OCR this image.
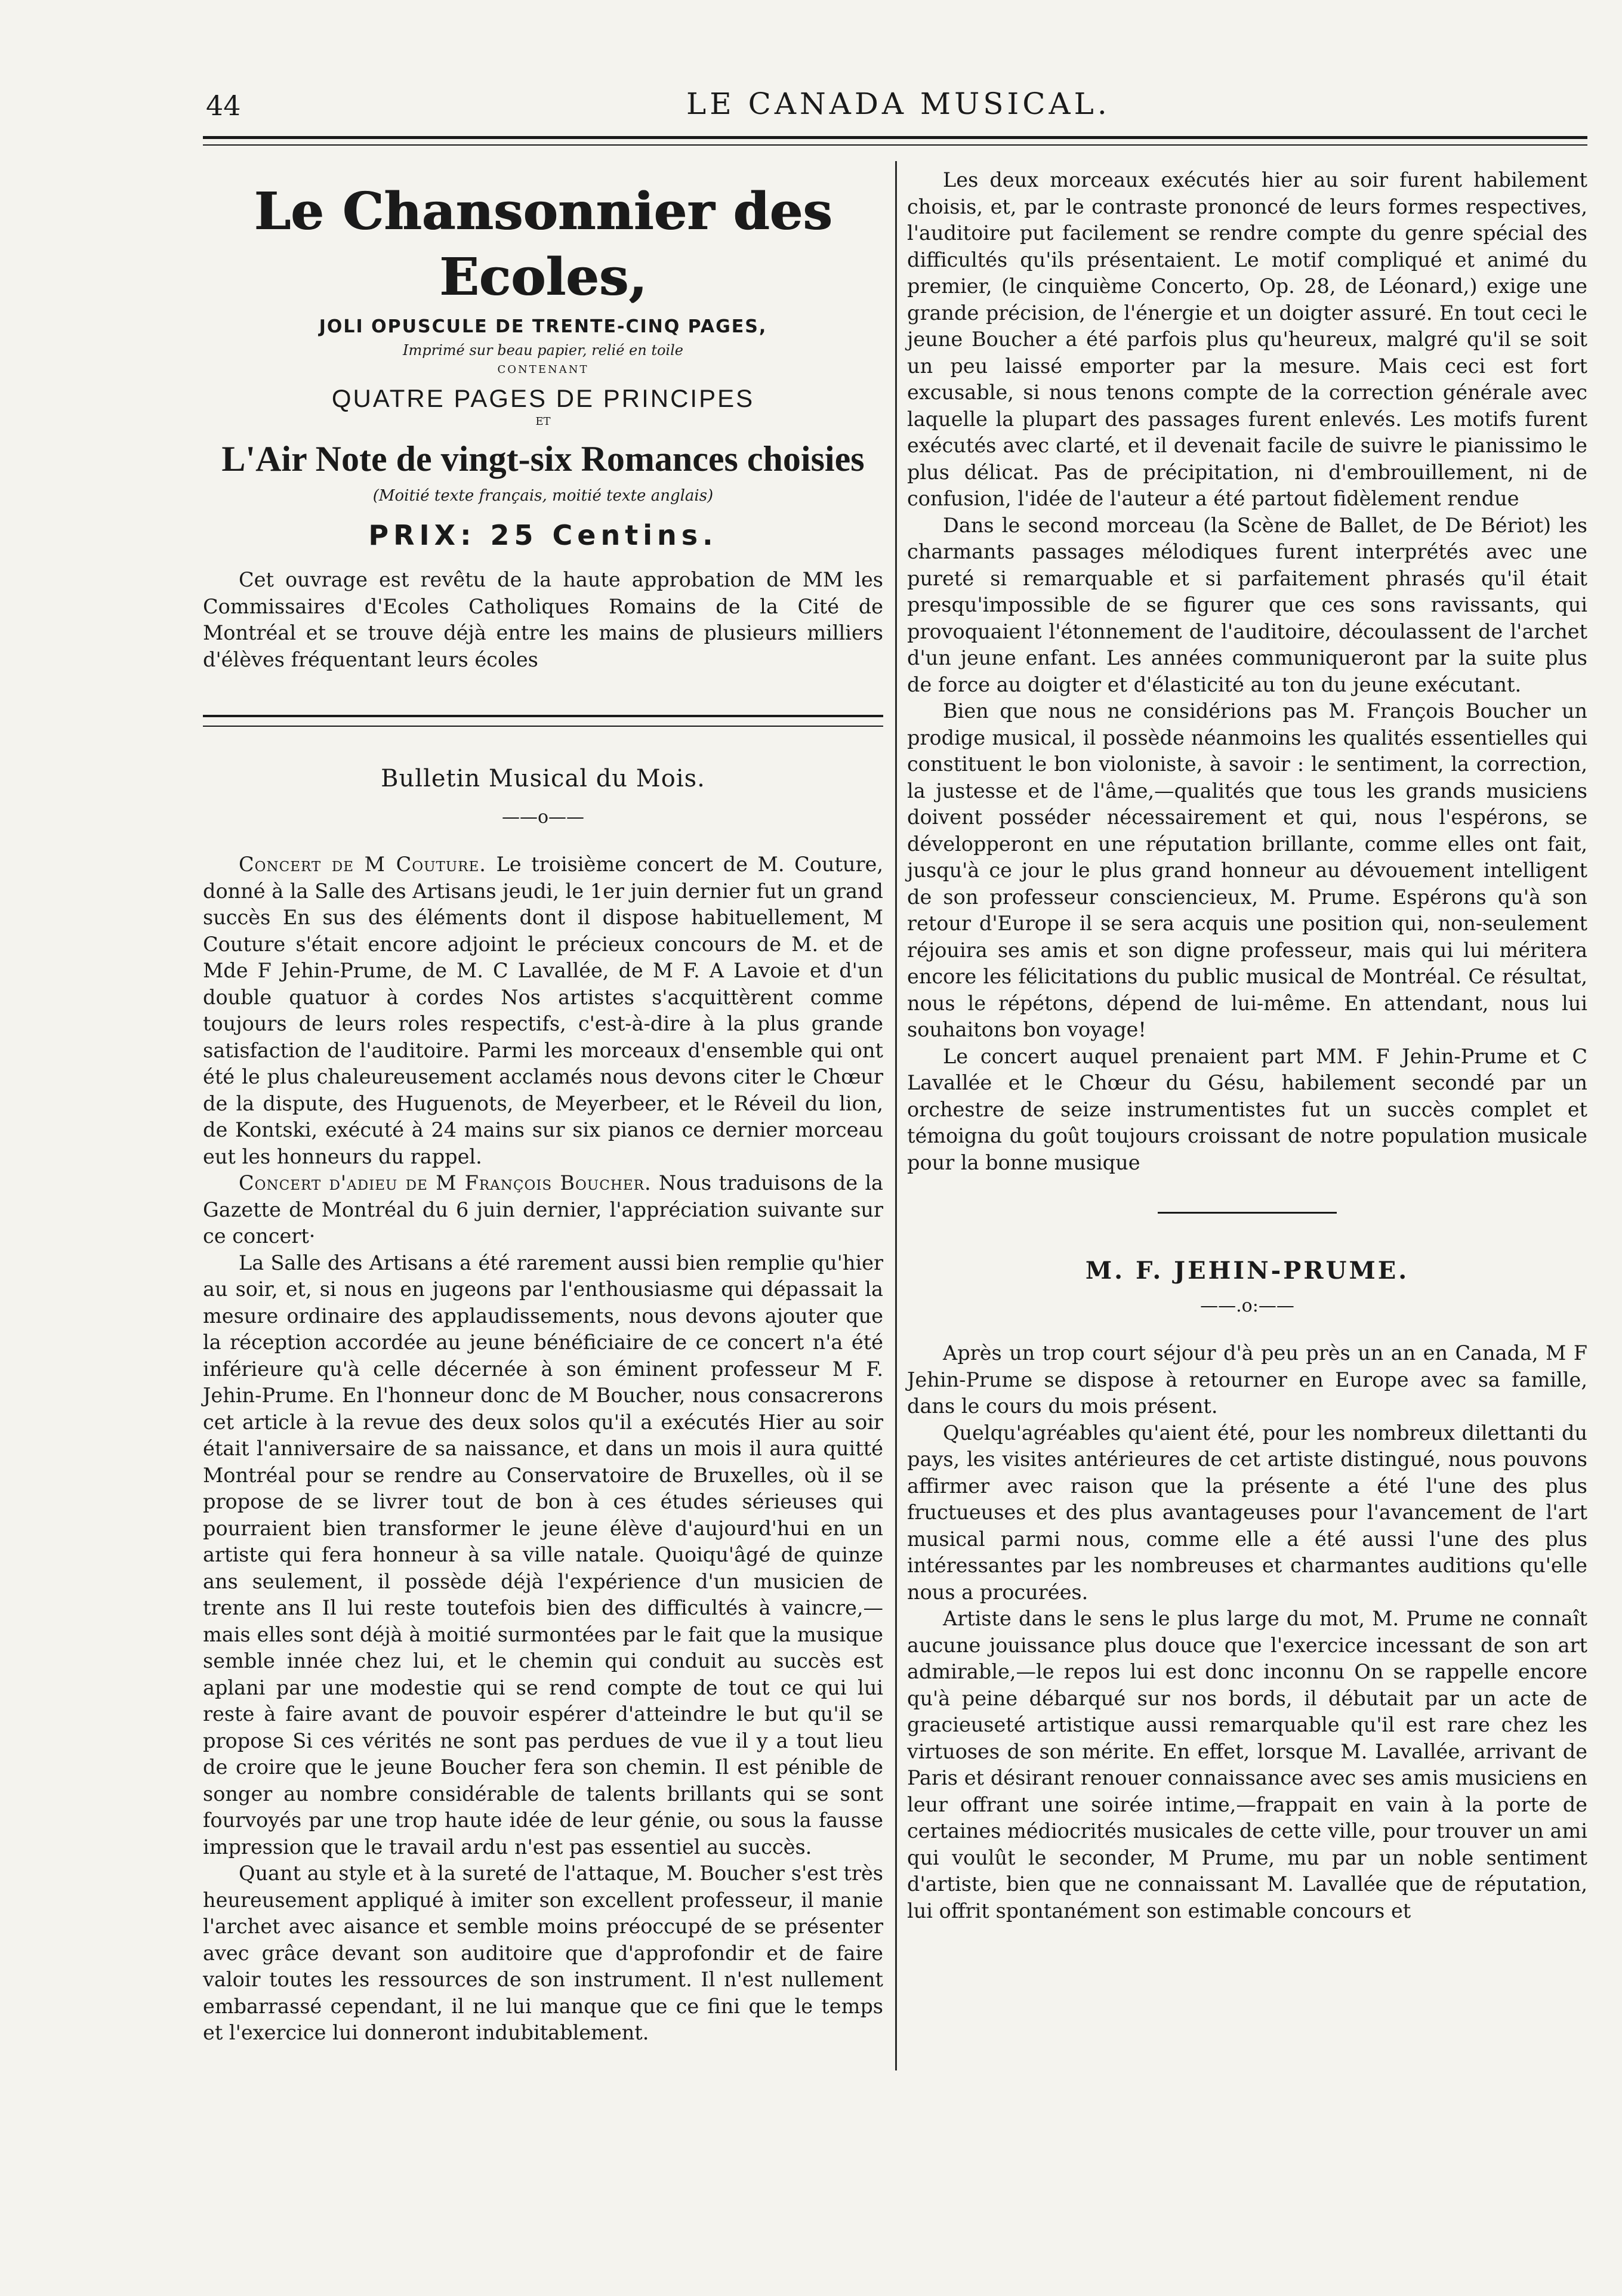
44	LE CANADA MUSICAL.
Le Chansonnier des Ecoles,
JOLI OPUSCULE DE TRENTE-CINQ PAGES,
Imprimé sur beau papier, relié en toile
CONTENANT
QUATRE PAGES DE PRINCIPES
ET
L'Air Note de vingt-six Romances choisies
(Moitié texte français, moitié texte anglais)
PRIX: 25 Centins.

Cet ouvrage est revêtu de la haute approbation de MM les Commissaires d'Ecoles Catholiques Romains de la Cité de Montréal et se trouve déjà entre les mains de plusieurs milliers d'élèves fréquentant leurs écoles

Bulletin Musical du Mois.
——o——

Concert de M Couture. Le troisième concert de M. Couture, donné à la Salle des Artisans jeudi, le 1er juin dernier fut un grand succès En sus des éléments dont il dispose habituellement, M Couture s'était encore adjoint le précieux concours de M. et de Mde F Jehin-Prume, de M. C Lavallée, de M F. A Lavoie et d'un double quatuor à cordes Nos artistes s'acquittèrent comme toujours de leurs roles respectifs, c'est-à-dire à la plus grande satisfaction de l'auditoire. Parmi les morceaux d'ensemble qui ont été le plus chaleureusement acclamés nous devons citer le Chœur de la dispute, des Huguenots, de Meyerbeer, et le Réveil du lion, de Kontski, exécuté à 24 mains sur six pianos ce dernier morceau eut les honneurs du rappel.

Concert d'adieu de M François Boucher. Nous traduisons de la Gazette de Montréal du 6 juin dernier, l'appréciation suivante sur ce concert·

La Salle des Artisans a été rarement aussi bien remplie qu'hier au soir, et, si nous en jugeons par l'enthousiasme qui dépassait la mesure ordinaire des applaudissements, nous devons ajouter que la réception accordée au jeune bénéficiaire de ce concert n'a été inférieure qu'à celle décernée à son éminent professeur M F. Jehin-Prume. En l'honneur donc de M Boucher, nous consacrerons cet article à la revue des deux solos qu'il a exécutés Hier au soir était l'anniversaire de sa naissance, et dans un mois il aura quitté Montréal pour se rendre au Conservatoire de Bruxelles, où il se propose de se livrer tout de bon à ces études sérieuses qui pourraient bien transformer le jeune élève d'aujourd'hui en un artiste qui fera honneur à sa ville natale. Quoiqu'âgé de quinze ans seulement, il possède déjà l'expérience d'un musicien de trente ans Il lui reste toutefois bien des difficultés à vaincre,—mais elles sont déjà à moitié surmontées par le fait que la musique semble innée chez lui, et le chemin qui conduit au succès est aplani par une modestie qui se rend compte de tout ce qui lui reste à faire avant de pouvoir espérer d'atteindre le but qu'il se propose Si ces vérités ne sont pas perdues de vue il y a tout lieu de croire que le jeune Boucher fera son chemin. Il est pénible de songer au nombre considérable de talents brillants qui se sont fourvoyés par une trop haute idée de leur génie, ou sous la fausse impression que le travail ardu n'est pas essentiel au succès.

Quant au style et à la sureté de l'attaque, M. Boucher s'est très heureusement appliqué à imiter son excellent professeur, il manie l'archet avec aisance et semble moins préoccupé de se présenter avec grâce devant son auditoire que d'approfondir et de faire valoir toutes les ressources de son instrument. Il n'est nullement embarrassé cependant, il ne lui manque que ce fini que le temps et l'exercice lui donneront indubitablement.

Les deux morceaux exécutés hier au soir furent habilement choisis, et, par le contraste prononcé de leurs formes respectives, l'auditoire put facilement se rendre compte du genre spécial des difficultés qu'ils présentaient. Le motif compliqué et animé du premier, (le cinquième Concerto, Op. 28, de Léonard,) exige une grande précision, de l'énergie et un doigter assuré. En tout ceci le jeune Boucher a été parfois plus qu'heureux, malgré qu'il se soit un peu laissé emporter par la mesure. Mais ceci est fort excusable, si nous tenons compte de la correction générale avec laquelle la plupart des passages furent enlevés. Les motifs furent exécutés avec clarté, et il devenait facile de suivre le pianissimo le plus délicat. Pas de précipitation, ni d'embrouillement, ni de confusion, l'idée de l'auteur a été partout fidèlement rendue

Dans le second morceau (la Scène de Ballet, de De Bériot) les charmants passages mélodiques furent interprétés avec une pureté si remarquable et si parfaitement phrasés qu'il était presqu'impossible de se figurer que ces sons ravissants, qui provoquaient l'étonnement de l'auditoire, découlassent de l'archet d'un jeune enfant. Les années communiqueront par la suite plus de force au doigter et d'élasticité au ton du jeune exécutant.

Bien que nous ne considérions pas M. François Boucher un prodige musical, il possède néanmoins les qualités essentielles qui constituent le bon violoniste, à savoir : le sentiment, la correction, la justesse et de l'âme,—qualités que tous les grands musiciens doivent posséder nécessairement et qui, nous l'espérons, se développeront en une réputation brillante, comme elles ont fait, jusqu'à ce jour le plus grand honneur au dévouement intelligent de son professeur consciencieux, M. Prume. Espérons qu'à son retour d'Europe il se sera acquis une position qui, non-seulement réjouira ses amis et son digne professeur, mais qui lui méritera encore les félicitations du public musical de Montréal. Ce résultat, nous le répétons, dépend de lui-même. En attendant, nous lui souhaitons bon voyage!

Le concert auquel prenaient part MM. F Jehin-Prume et C Lavallée et le Chœur du Gésu, habilement secondé par un orchestre de seize instrumentistes fut un succès complet et témoigna du goût toujours croissant de notre population musicale pour la bonne musique

M. F. JEHIN-PRUME.
——.o:——

Après un trop court séjour d'à peu près un an en Canada, M F Jehin-Prume se dispose à retourner en Europe avec sa famille, dans le cours du mois présent.

Quelqu'agréables qu'aient été, pour les nombreux dilettanti du pays, les visites antérieures de cet artiste distingué, nous pouvons affirmer avec raison que la présente a été l'une des plus fructueuses et des plus avantageuses pour l'avancement de l'art musical parmi nous, comme elle a été aussi l'une des plus intéressantes par les nombreuses et charmantes auditions qu'elle nous a procurées.

Artiste dans le sens le plus large du mot, M. Prume ne connaît aucune jouissance plus douce que l'exercice incessant de son art admirable,—le repos lui est donc inconnu On se rappelle encore qu'à peine débarqué sur nos bords, il débutait par un acte de gracieuseté artistique aussi remarquable qu'il est rare chez les virtuoses de son mérite. En effet, lorsque M. Lavallée, arrivant de Paris et désirant renouer connaissance avec ses amis musiciens en leur offrant une soirée intime,—frappait en vain à la porte de certaines médiocrités musicales de cette ville, pour trouver un ami qui voulût le seconder, M Prume, mu par un noble sentiment d'artiste, bien que ne connaissant M. Lavallée que de réputation, lui offrit spontanément son estimable concours et
